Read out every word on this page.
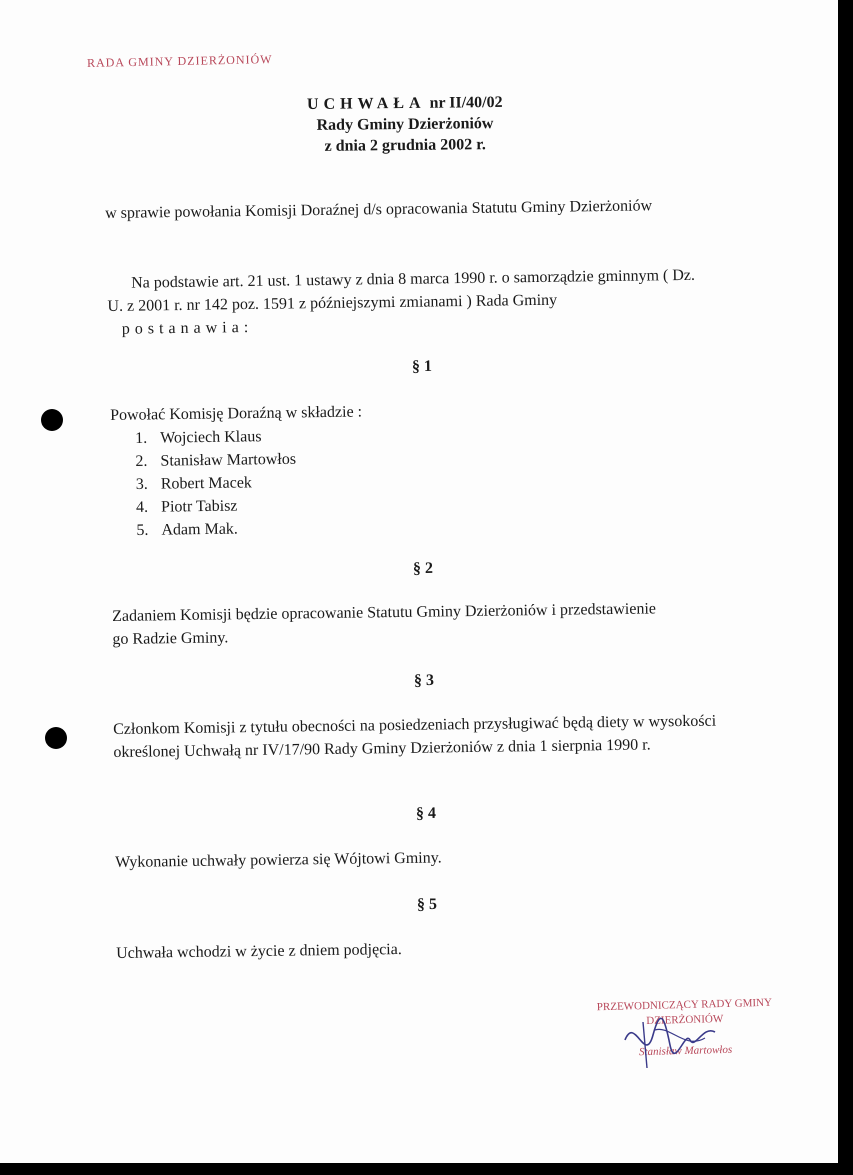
RADA GMINY DZIERŻONIÓW
UCHWAŁA nr II/40/02
Rady Gminy Dzierżoniów
z dnia 2 grudnia 2002 r.
w sprawie powołania Komisji Doraźnej d/s opracowania Statutu Gminy Dzierżoniów
Na podstawie art. 21 ust. 1 ustawy z dnia 8 marca 1990 r. o samorządzie gminnym ( Dz. U. z 2001 r. nr 142 poz. 1591 z późniejszymi zmianami ) Rada Gminy postanawia:
§ 1
Powołać Komisję Doraźną w składzie :
1. Wojciech Klaus
2. Stanisław Martowłos
3. Robert Macek
4. Piotr Tabisz
5. Adam Mak.
§ 2
Zadaniem Komisji będzie opracowanie Statutu Gminy Dzierżoniów i przedstawienie go Radzie Gminy.
§ 3
Członkom Komisji z tytułu obecności na posiedzeniach przysługiwać będą diety w wysokości określonej Uchwałą nr IV/17/90 Rady Gminy Dzierżoniów z dnia 1 sierpnia 1990 r.
§ 4
Wykonanie uchwały powierza się Wójtowi Gminy.
§ 5
Uchwała wchodzi w życie z dniem podjęcia.
PRZEWODNICZĄCY RADY GMINY
DZIERŻONIÓW
Stanisław Martowłos
